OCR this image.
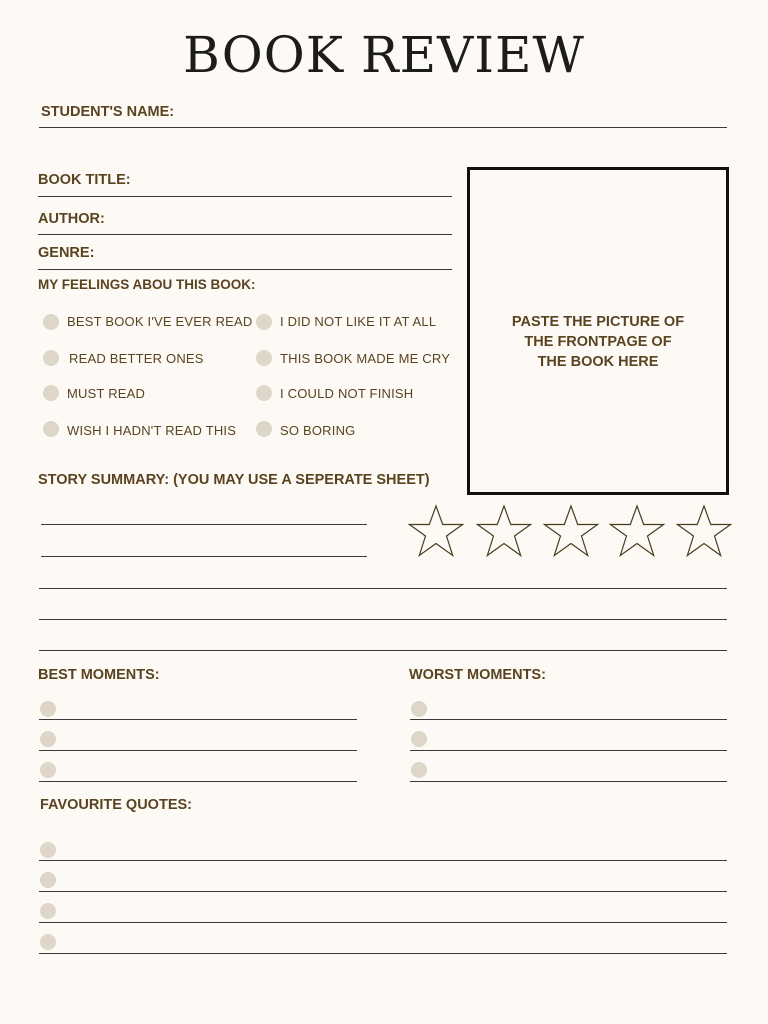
BOOK REVIEW
STUDENT'S NAME:
BOOK TITLE:
AUTHOR:
GENRE:
MY FEELINGS ABOU THIS BOOK:
BEST BOOK I'VE EVER READ
READ BETTER ONES
MUST READ
WISH I HADN'T READ THIS
I DID NOT LIKE IT AT ALL
THIS BOOK MADE ME CRY
I COULD NOT FINISH
SO BORING
PASTE THE PICTURE OF
THE FRONTPAGE OF
THE BOOK HERE
STORY SUMMARY: (YOU MAY USE A SEPERATE SHEET)
BEST MOMENTS:	WORST MOMENTS:
FAVOURITE QUOTES:
